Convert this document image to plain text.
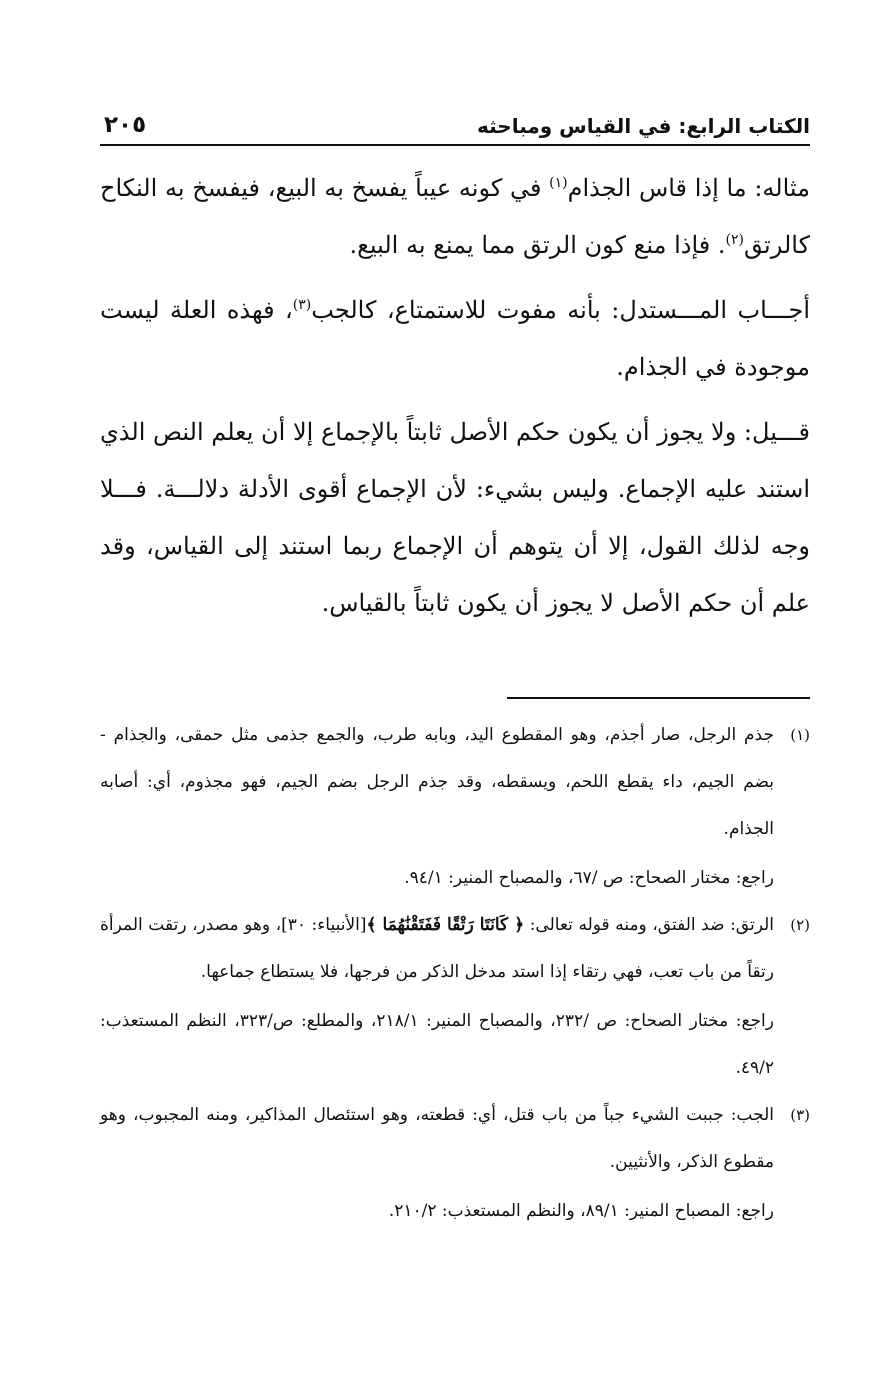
الكتاب الرابع: في القياس ومباحثه
٢٠٥

مثاله: ما إذا قاس الجذام$^{(١)}$ في كونه عيباً يفسخ به البيع، فيفسخ به النكاح كالرتق$^{(٢)}$. فإذا منع كون الرتق مما يمنع به البيع.

أجـــاب المـــستدل: بأنه مفوت للاستمتاع، كالجب$^{(٣)}$، فهذه العلة ليست موجودة في الجذام.

قـــيل: ولا يجوز أن يكون حكم الأصل ثابتاً بالإجماع إلا أن يعلم النص الذي استند عليه الإجماع. وليس بشيء: لأن الإجماع أقوى الأدلة دلالـــة. فـــلا وجه لذلك القول، إلا أن يتوهم أن الإجماع ربما استند إلى القياس، وقد علم أن حكم الأصل لا يجوز أن يكون ثابتاً بالقياس.

(١)

جذم الرجل، صار أجذم، وهو المقطوع اليد، وبابه طرب، والجمع جذمى مثل حمقى، والجذام - بضم الجيم، داء يقطع اللحم، ويسقطه، وقد جذم الرجل بضم الجيم، فهو مجذوم، أي: أصابه الجذام.

راجع: مختار الصحاح: ص /٦٧، والمصباح المنير: ٩٤/١.

(٢)

الرتق: ضد الفتق، ومنه قوله تعالى: ﴿ كَانَتَا رَتْقًا فَفَتَقْنَٰهُمَا ﴾[الأنبياء: ٣٠]، وهو مصدر، رتقت المرأة رتقاً من باب تعب، فهي رتقاء إذا استد مدخل الذكر من فرجها، فلا يستطاع جماعها.

راجع: مختار الصحاح: ص /٢٣٢، والمصباح المنير: ٢١٨/١، والمطلع: ص/٣٢٣، النظم المستعذب: ٤٩/٢.

(٣)

الجب: جببت الشيء جباً من باب قتل، أي: قطعته، وهو استئصال المذاكير، ومنه المجبوب، وهو مقطوع الذكر، والأنثيين.

راجع: المصباح المنير: ٨٩/١، والنظم المستعذب: ٢١٠/٢.
